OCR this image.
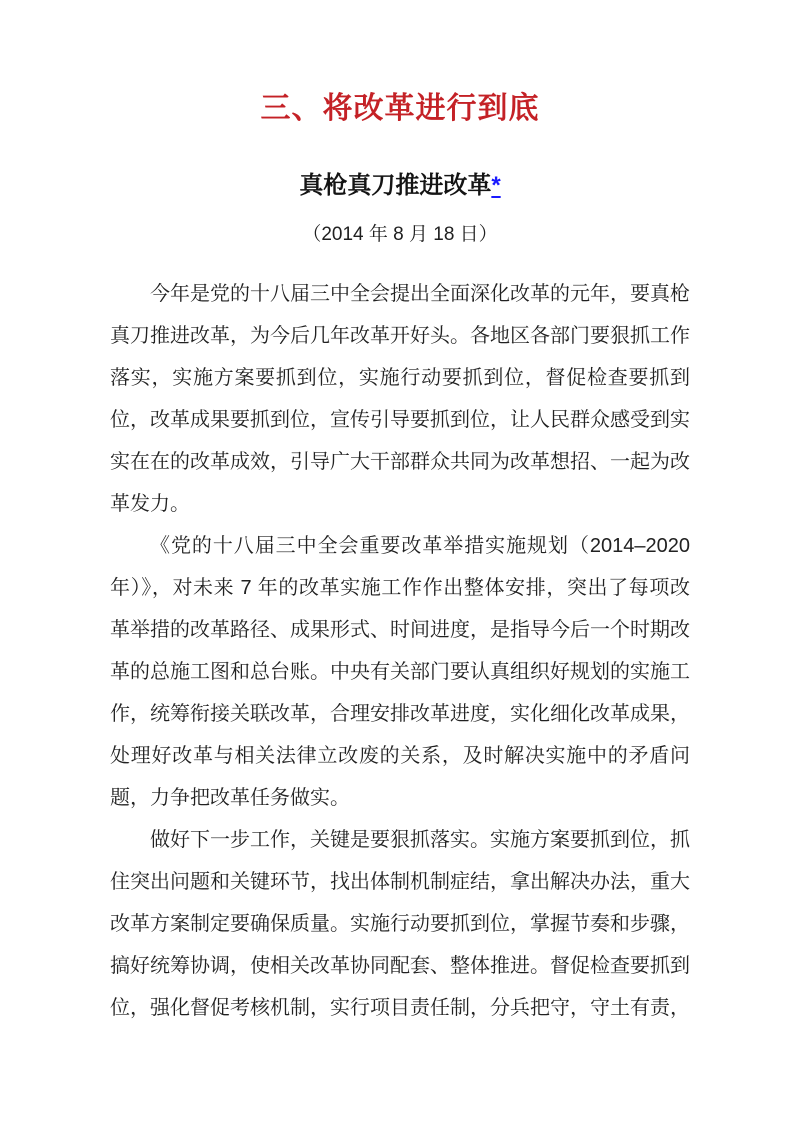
三、将改革进行到底
真枪真刀推进改革*

（2014 年 8 月 18 日）

今年是党的十八届三中全会提出全面深化改革的元年，要真枪真刀推进改革，为今后几年改革开好头。各地区各部门要狠抓工作落实，实施方案要抓到位，实施行动要抓到位，督促检查要抓到位，改革成果要抓到位，宣传引导要抓到位，让人民群众感受到实实在在的改革成效，引导广大干部群众共同为改革想招、一起为改革发力。

《党的十八届三中全会重要改革举措实施规划（2014–2020年）》，对未来 7 年的改革实施工作作出整体安排，突出了每项改革举措的改革路径、成果形式、时间进度，是指导今后一个时期改革的总施工图和总台账。中央有关部门要认真组织好规划的实施工作，统筹衔接关联改革，合理安排改革进度，实化细化改革成果，处理好改革与相关法律立改废的关系，及时解决实施中的矛盾问题，力争把改革任务做实。

做好下一步工作，关键是要狠抓落实。实施方案要抓到位，抓住突出问题和关键环节，找出体制机制症结，拿出解决办法，重大改革方案制定要确保质量。实施行动要抓到位，掌握节奏和步骤，搞好统筹协调，使相关改革协同配套、整体推进。督促检查要抓到位，强化督促考核机制，实行项目责任制，分兵把守，守土有责，
